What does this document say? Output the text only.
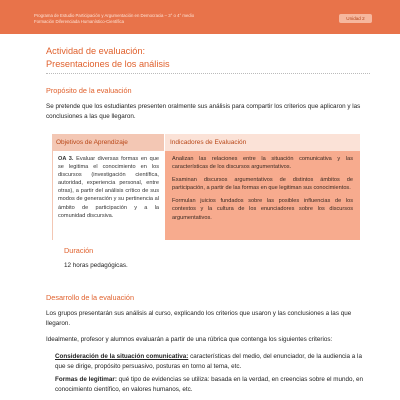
Programa de Estudio Participación y Argumentación en Democracia – 3° o 4° medio
Formación Diferenciada Humanístico-Científica
Unidad 2
Actividad de evaluación:
Presentaciones de los análisis
Propósito de la evaluación
Se pretende que los estudiantes presenten oralmente sus análisis para compartir los criterios que aplicaron y las conclusiones a las que llegaron.
Objetivos de Aprendizaje	Indicadores de Evaluación
OA 3. Evaluar diversas formas en que se legitima el conocimiento en los discursos (investigación científica, autoridad, experiencia personal, entre otras), a partir del análisis crítico de sus modos de generación y su pertinencia al ámbito de participación y a la comunidad discursiva.

Analizan las relaciones entre la situación comunicativa y las características de los discursos argumentativos.

Examinan discursos argumentativos de distintos ámbitos de participación, a partir de las formas en que legitiman sus conocimientos.

Formulan juicios fundados sobre las posibles influencias de los contextos y la cultura de los enunciadores sobre los discursos argumentativos.

Duración
12 horas pedagógicas.
Desarrollo de la evaluación
Los grupos presentarán sus análisis al curso, explicando los criterios que usaron y las conclusiones a las que llegaron.
Idealmente, profesor y alumnos evaluarán a partir de una rúbrica que contenga los siguientes criterios:
Consideración de la situación comunicativa: características del medio, del enunciador, de la audiencia a la que se dirige, propósito persuasivo, posturas en torno al tema, etc.
Formas de legitimar: qué tipo de evidencias se utiliza: basada en la verdad, en creencias sobre el mundo, en conocimiento científico, en valores humanos, etc.
